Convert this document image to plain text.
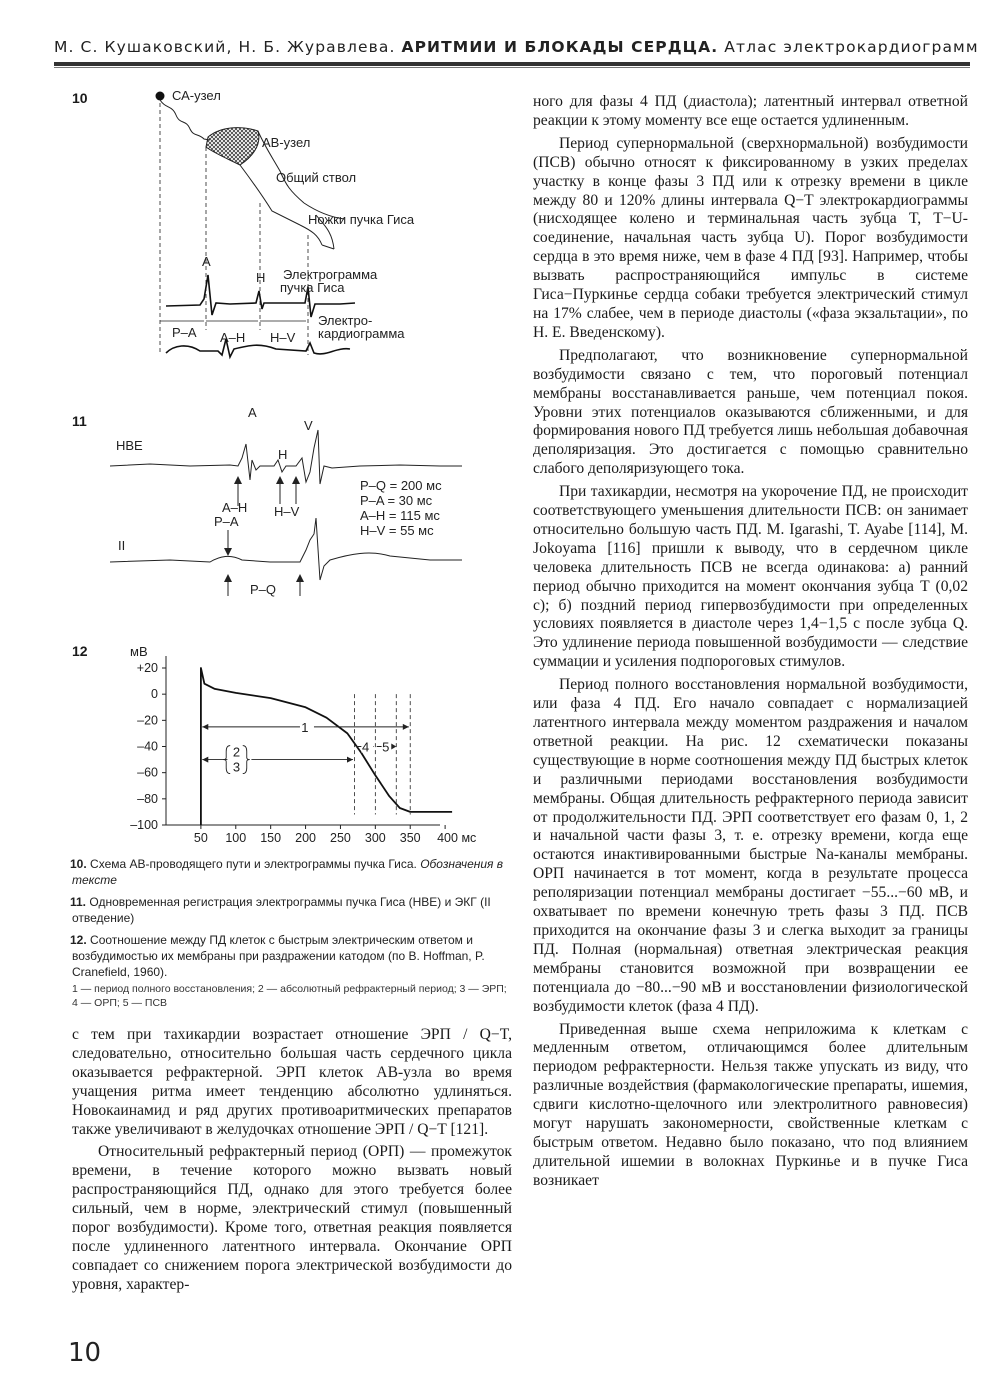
М. С. Кушаковский, Н. Б. Журавлева. АРИТМИИ И БЛОКАДЫ СЕРДЦА. Атлас электрокардиограмм
10	СА-узел
АВ-узел
Общий ствол
Ножки пучка Гиса
A
H Электрограмма
пучка Гиса
P–A A–H H–V
Электро-
кардиограмма
11
HBE
A
H
V
A–H
P–A
H–V
P–Q = 200 мс
P–A = 30 мс
A–H = 115 мс
H–V = 55 мс
II
P–Q
12	мВ
+20
0
–20
–40
–60
–80
–100
50 100 150 200 250 300 350 400 мс
1
2
3
4 5
10. Схема АВ-проводящего пути и электрограммы пучка Гиса. Обозначения в тексте
11. Одновременная регистрация электрограммы пучка Гиса (HBE) и ЭКГ (II отведение)
12. Соотношение между ПД клеток с быстрым электрическим ответом и возбудимостью их мембраны при раздражении катодом (по B. Hoffman, P. Cranefield, 1960).
1 — период полного восстановления; 2 — абсолютный рефрактерный период; 3 — ЭРП; 4 — ОРП; 5 — ПСВ

с тем при тахикардии возрастает отношение ЭРП / Q−T, следовательно, относительно большая часть сердечного цикла оказывается рефрактерной. ЭРП клеток АВ-узла во время учащения ритма имеет тенденцию абсолютно удлиняться. Новокаинамид и ряд других противоаритмических препаратов также увеличивают в желудочках отношение ЭРП / Q−T [121].

Относительный рефрактерный период (ОРП) — промежуток времени, в течение которого можно вызвать новый распространяющийся ПД, однако для этого требуется более сильный, чем в норме, электрический стимул (повышенный порог возбудимости). Кроме того, ответная реакция появляется после удлиненного латентного интервала. Окончание ОРП совпадает со снижением порога электрической возбудимости до уровня, характер-

ного для фазы 4 ПД (диастола); латентный интервал ответной реакции к этому моменту все еще остается удлиненным.

Период супернормальной (сверхнормальной) возбудимости (ПСВ) обычно относят к фиксированному в узких пределах участку в конце фазы 3 ПД или к отрезку времени в цикле между 80 и 120% длины интервала Q−T электрокардиограммы (нисходящее колено и терминальная часть зубца T, T−U-соединение, начальная часть зубца U). Порог возбудимости сердца в это время ниже, чем в фазе 4 ПД [93]. Например, чтобы вызвать распространяющийся импульс в системе Гиса−Пуркинье сердца собаки требуется электрический стимул на 17% слабее, чем в периоде диастолы («фаза экзальтации», по Н. Е. Введенскому).

Предполагают, что возникновение супернормальной возбудимости связано с тем, что пороговый потенциал мембраны восстанавливается раньше, чем потенциал покоя. Уровни этих потенциалов оказываются сближенными, и для формирования нового ПД требуется лишь небольшая добавочная деполяризация. Это достигается с помощью сравнительно слабого деполяризующего тока.

При тахикардии, несмотря на укорочение ПД, не происходит соответствующего уменьшения длительности ПСВ: он занимает относительно большую часть ПД. M. Igarashi, T. Ayabe [114], M. Jokoyama [116] пришли к выводу, что в сердечном цикле человека длительность ПСВ не всегда одинакова: а) ранний период обычно приходится на момент окончания зубца T (0,02 с); б) поздний период гипервозбудимости при определенных условиях появляется в диастоле через 1,4−1,5 с после зубца Q. Это удлинение периода повышенной возбудимости — следствие суммации и усиления подпороговых стимулов.

Период полного восстановления нормальной возбудимости, или фаза 4 ПД. Его начало совпадает с нормализацией латентного интервала между моментом раздражения и началом ответной реакции. На рис. 12 схематически показаны существующие в норме соотношения между ПД быстрых клеток и различными периодами восстановления возбудимости мембраны. Общая длительность рефрактерного периода зависит от продолжительности ПД. ЭРП соответствует его фазам 0, 1, 2 и начальной части фазы 3, т. е. отрезку времени, когда еще остаются инактивированными быстрые Na-каналы мембраны. ОРП начинается в тот момент, когда в результате процесса реполяризации потенциал мембраны достигает −55...−60 мВ, и охватывает по времени конечную треть фазы 3 ПД. ПСВ приходится на окончание фазы 3 и слегка выходит за границы ПД. Полная (нормальная) ответная электрическая реакция мембраны становится возможной при возвращении ее потенциала до −80...−90 мВ и восстановлении физиологической возбудимости клеток (фаза 4 ПД).

Приведенная выше схема неприложима к клеткам с медленным ответом, отличающимся более длительным периодом рефрактерности. Нельзя также упускать из виду, что различные воздействия (фармакологические препараты, ишемия, сдвиги кислотно-щелочного или электролитного равновесия) могут нарушать закономерности, свойственные клеткам с быстрым ответом. Недавно было показано, что под влиянием длительной ишемии в волокнах Пуркинье и в пучке Гиса возникает

10
